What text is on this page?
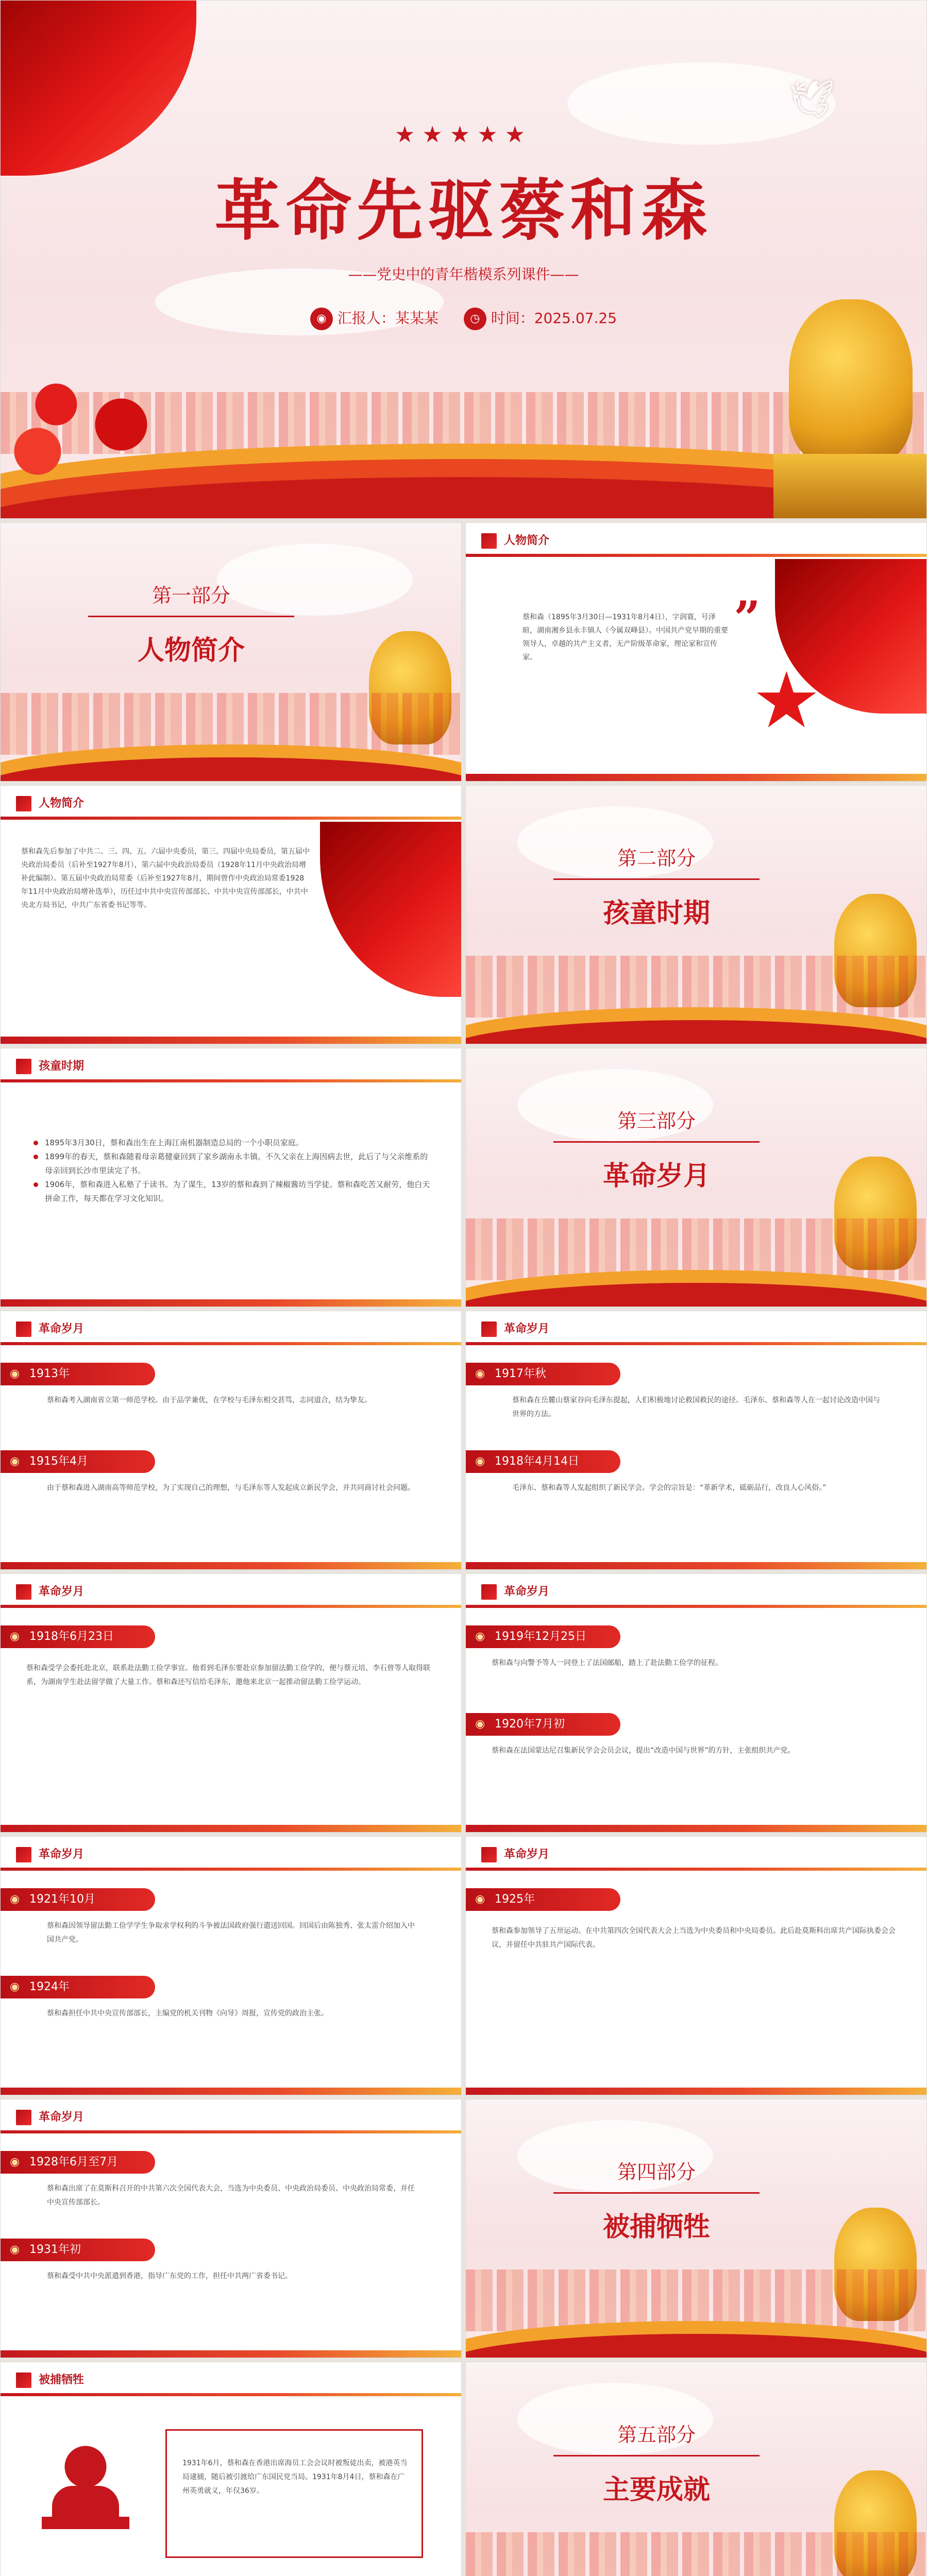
🕊
★★★★★
革命先驱蔡和森
——党史中的青年楷模系列课件——
◉ 汇报人：某某某	◷ 时间：2025.07.25
第一部分
人物简介
人物简介
蔡和森（1895年3月30日—1931年8月4日），字润寰，号泽暄，湖南湘乡县永丰镇人（今属双峰县）。中国共产党早期的重要领导人，卓越的共产主义者，无产阶级革命家，理论家和宣传家。
”
★
人物简介
蔡和森先后参加了中共二、三、四、五、六届中央委员，第三、四届中央局委员，第五届中央政治局委员（后补至1927年8月），第六届中央政治局委员（1928年11月中央政治局增补此编制）。第五届中央政治局常委（后补至1927年8月，期间曾作中央政治局常委1928年11月中央政治局增补选举），历任过中共中央宣传部部长、中共中央宣传部部长，中共中央北方局书记，中共广东省委书记等等。
第二部分
孩童时期
孩童时期
1895年3月30日，蔡和森出生在上海江南机器制造总局的一个小职员家庭。
1899年的春天，蔡和森随着母亲葛健豪回到了家乡湖南永丰镇。不久父亲在上海因病去世，此后了与父亲维系的母亲回到长沙市里读完了书。
1906年，蔡和森进入私塾了于读书。为了谋生，13岁的蔡和森到了辣椒酱坊当学徒。蔡和森吃苦又耐劳，他白天拼命工作，每天都在学习文化知识。
第三部分
革命岁月
革命岁月
◉ 1913年
蔡和森考入湖南省立第一师范学校。由于品学兼优，在学校与毛泽东相交甚笃，志同道合，结为挚友。
◉ 1915年4月
由于蔡和森进入湖南高等师范学校，为了实现自己的理想，与毛泽东等人发起成立新民学会，并共同商讨社会问题。
革命岁月
◉ 1917年秋
蔡和森在岳麓山蔡家谷向毛泽东提起，人们积极地讨论救国救民的途径。毛泽东、蔡和森等人在一起讨论改造中国与世界的方法。
◉ 1918年4月14日
毛泽东、蔡和森等人发起组织了新民学会。学会的宗旨是：“革新学术，砥砺品行，改良人心风俗。”
革命岁月
◉ 1918年6月23日
蔡和森受学会委托赴北京，联系赴法勤工俭学事宜。他看到毛泽东要赴京参加留法勤工俭学的，便与蔡元培、李石曾等人取得联系，为湖南学生赴法留学做了大量工作。蔡和森还写信给毛泽东，邀他来北京一起推动留法勤工俭学运动。
革命岁月
◉ 1919年12月25日
蔡和森与向警予等人一同登上了法国邮船，踏上了赴法勤工俭学的征程。
◉ 1920年7月初
蔡和森在法国蒙达尼召集新民学会会员会议，提出“改造中国与世界”的方针，主张组织共产党。
革命岁月
◉ 1921年10月
蔡和森因领导留法勤工俭学学生争取求学权利的斗争被法国政府强行遣送回国。回国后由陈独秀、张太雷介绍加入中国共产党。
◉ 1924年
蔡和森担任中共中央宣传部部长，主编党的机关刊物《向导》周报，宣传党的政治主张。
革命岁月
◉ 1925年
蔡和森参加领导了五卅运动。在中共第四次全国代表大会上当选为中央委员和中央局委员。此后赴莫斯科出席共产国际执委会会议，并留任中共驻共产国际代表。
革命岁月
◉ 1928年6月至7月
蔡和森出席了在莫斯科召开的中共第六次全国代表大会，当选为中央委员、中央政治局委员、中央政治局常委，并任中央宣传部部长。
◉ 1931年初
蔡和森受中共中央派遣到香港，指导广东党的工作，担任中共两广省委书记。
第四部分
被捕牺牲
被捕牺牲
1931年6月，蔡和森在香港出席海员工会会议时被叛徒出卖，被港英当局逮捕，随后被引渡给广东国民党当局。1931年8月4日，蔡和森在广州英勇就义，年仅36岁。
第五部分
主要成就
